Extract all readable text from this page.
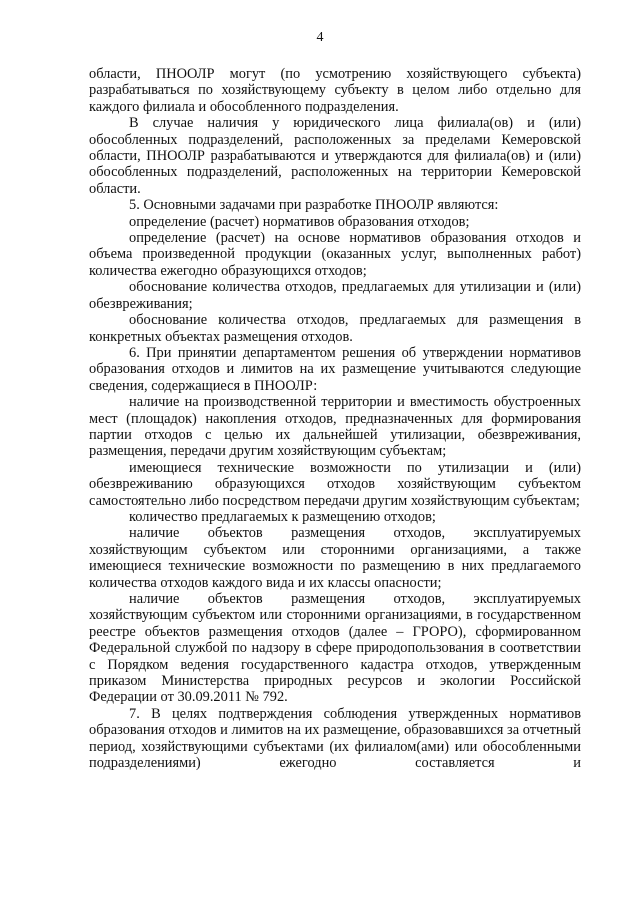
4

области, ПНООЛР могут (по усмотрению хозяйствующего субъекта) разрабатываться по хозяйствующему субъекту в целом либо отдельно для каждого филиала и обособленного подразделения.

В случае наличия у юридического лица филиала(ов) и (или) обособленных подразделений, расположенных за пределами Кемеровской области, ПНООЛР разрабатываются и утверждаются для филиала(ов) и (или) обособленных подразделений, расположенных на территории Кемеровской области.

5. Основными задачами при разработке ПНООЛР являются:

определение (расчет) нормативов образования отходов;

определение (расчет) на основе нормативов образования отходов и объема произведенной продукции (оказанных услуг, выполненных работ) количества ежегодно образующихся отходов;

обоснование количества отходов, предлагаемых для утилизации и (или) обезвреживания;

обоснование количества отходов, предлагаемых для размещения в конкретных объектах размещения отходов.

6. При принятии департаментом решения об утверждении нормативов образования отходов и лимитов на их размещение учитываются следующие сведения, содержащиеся в ПНООЛР:

наличие на производственной территории и вместимость обустроенных мест (площадок) накопления отходов, предназначенных для формирования партии отходов с целью их дальнейшей утилизации, обезвреживания, размещения, передачи другим хозяйствующим субъектам;

имеющиеся технические возможности по утилизации и (или) обезвреживанию образующихся отходов хозяйствующим субъектом самостоятельно либо посредством передачи другим хозяйствующим субъектам;

количество предлагаемых к размещению отходов;

наличие объектов размещения отходов, эксплуатируемых хозяйствующим субъектом или сторонними организациями, а также имеющиеся технические возможности по размещению в них предлагаемого количества отходов каждого вида и их классы опасности;

наличие объектов размещения отходов, эксплуатируемых хозяйствующим субъектом или сторонними организациями, в государственном реестре объектов размещения отходов (далее – ГРОРО), сформированном Федеральной службой по надзору в сфере природопользования в соответствии с Порядком ведения государственного кадастра отходов, утвержденным приказом Министерства природных ресурсов и экологии Российской Федерации от 30.09.2011 № 792.

7. В целях подтверждения соблюдения утвержденных нормативов образования отходов и лимитов на их размещение, образовавшихся за отчетный период, хозяйствующими субъектами (их филиалом(ами) или обособленными подразделениями) ежегодно составляется и
